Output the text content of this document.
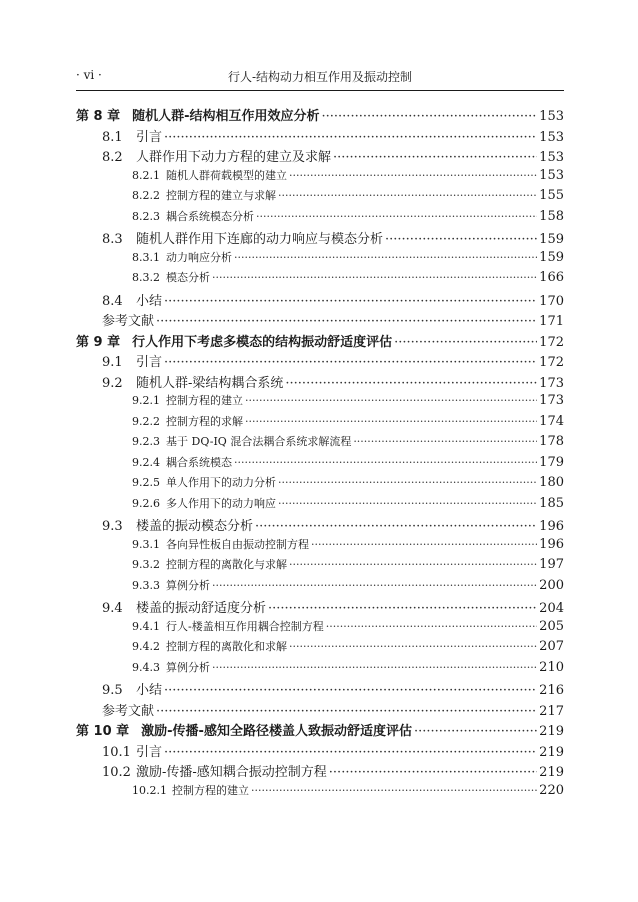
· vi ·	行人-结构动力相互作用及振动控制
第 8 章 随机人群-结构相互作用效应分析 ·····	153
8.1	引言 ·····	153
8.2	人群作用下动力方程的建立及求解 ·····	153
8.2.1 随机人群荷载模型的建立 ·····	153
8.2.2 控制方程的建立与求解 ·····	155
8.2.3 耦合系统模态分析 ·····	158
8.3	随机人群作用下连廊的动力响应与模态分析 ·····	159
8.3.1 动力响应分析 ·····	159
8.3.2 模态分析 ·····	166
8.4	小结 ·····	170
参考文献 ·····	171
第 9 章 行人作用下考虑多模态的结构振动舒适度评估 ·····	172
9.1	引言 ·····	172
9.2	随机人群-梁结构耦合系统 ·····	173
9.2.1 控制方程的建立 ·····	173
9.2.2 控制方程的求解 ·····	174
9.2.3 基于 DQ-IQ 混合法耦合系统求解流程 ·····	178
9.2.4 耦合系统模态 ·····	179
9.2.5 单人作用下的动力分析 ·····	180
9.2.6 多人作用下的动力响应 ·····	185
9.3	楼盖的振动模态分析 ·····	196
9.3.1 各向异性板自由振动控制方程 ·····	196
9.3.2 控制方程的离散化与求解 ·····	197
9.3.3 算例分析 ·····	200
9.4	楼盖的振动舒适度分析 ·····	204
9.4.1 行人-楼盖相互作用耦合控制方程 ·····	205
9.4.2 控制方程的离散化和求解 ·····	207
9.4.3 算例分析 ·····	210
9.5	小结 ·····	216
参考文献 ·····	217
第 10 章 激励-传播-感知全路径楼盖人致振动舒适度评估 ·····	219
10.1 引言 ·····	219
10.2 激励-传播-感知耦合振动控制方程 ·····	219
10.2.1 控制方程的建立 ·····	220
